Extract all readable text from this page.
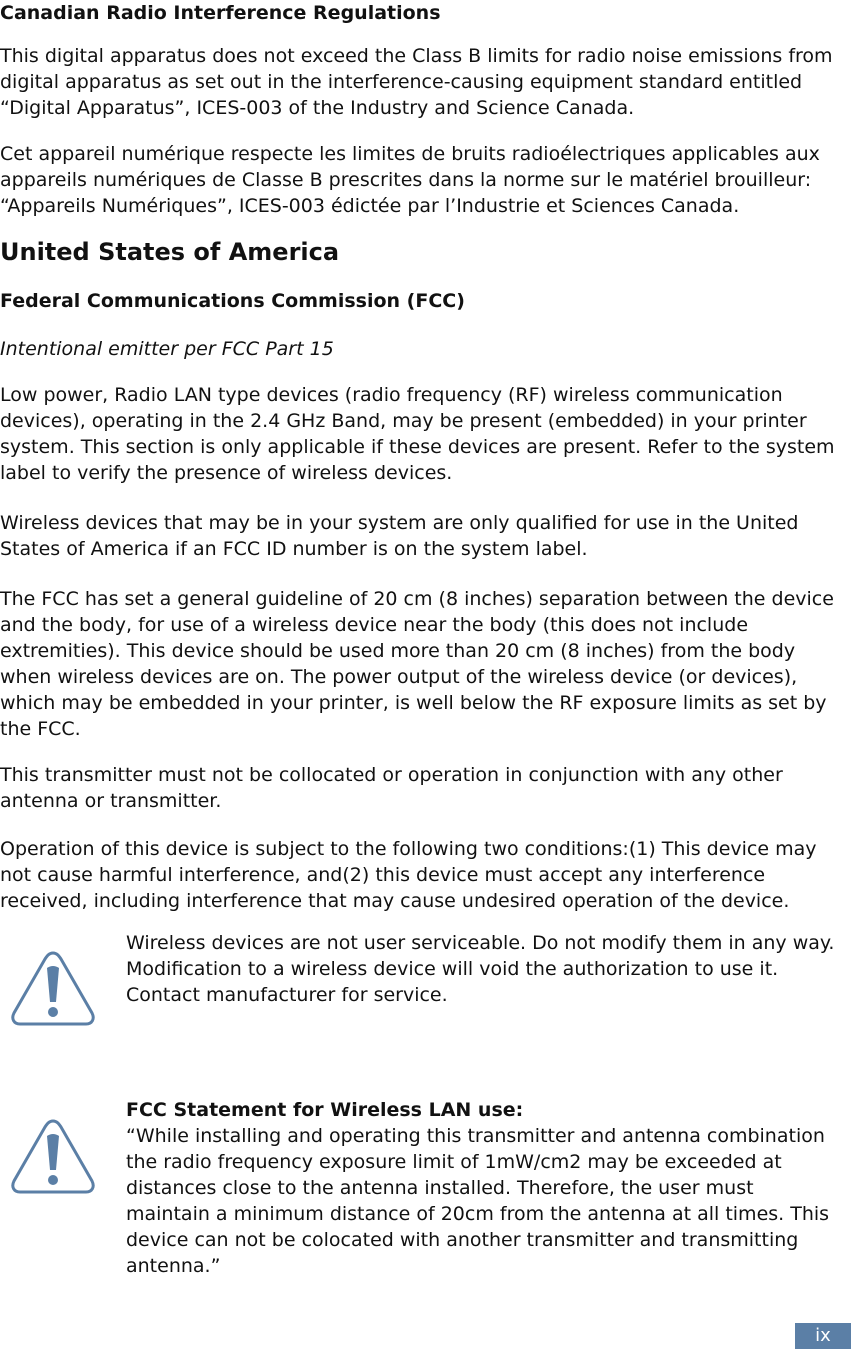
Canadian Radio Interference Regulations

This digital apparatus does not exceed the Class B limits for radio noise emissions from digital apparatus as set out in the interference-causing equipment standard entitled “Digital Apparatus”, ICES-003 of the Industry and Science Canada.

Cet appareil numérique respecte les limites de bruits radioélectriques applicables aux appareils numériques de Classe B prescrites dans la norme sur le matériel brouilleur: “Appareils Numériques”, ICES-003 édictée par l’Industrie et Sciences Canada.

United States of America
Federal Communications Commission (FCC)
Intentional emitter per FCC Part 15

Low power, Radio LAN type devices (radio frequency (RF) wireless communication devices), operating in the 2.4 GHz Band, may be present (embedded) in your printer system. This section is only applicable if these devices are present. Refer to the system label to verify the presence of wireless devices.

Wireless devices that may be in your system are only qualified for use in the United States of America if an FCC ID number is on the system label.

The FCC has set a general guideline of 20 cm (8 inches) separation between the device and the body, for use of a wireless device near the body (this does not include extremities). This device should be used more than 20 cm (8 inches) from the body when wireless devices are on. The power output of the wireless device (or devices), which may be embedded in your printer, is well below the RF exposure limits as set by the FCC.

This transmitter must not be collocated or operation in conjunction with any other antenna or transmitter.

Operation of this device is subject to the following two conditions:(1) This device may not cause harmful interference, and(2) this device must accept any interference received, including interference that may cause undesired operation of the device.

Wireless devices are not user serviceable. Do not modify them in any way. Modification to a wireless device will void the authorization to use it. Contact manufacturer for service.

FCC Statement for Wireless LAN use:

“While installing and operating this transmitter and antenna combination the radio frequency exposure limit of 1mW/cm2 may be exceeded at distances close to the antenna installed. Therefore, the user must maintain a minimum distance of 20cm from the antenna at all times. This device can not be colocated with another transmitter and transmitting antenna.”

ix
